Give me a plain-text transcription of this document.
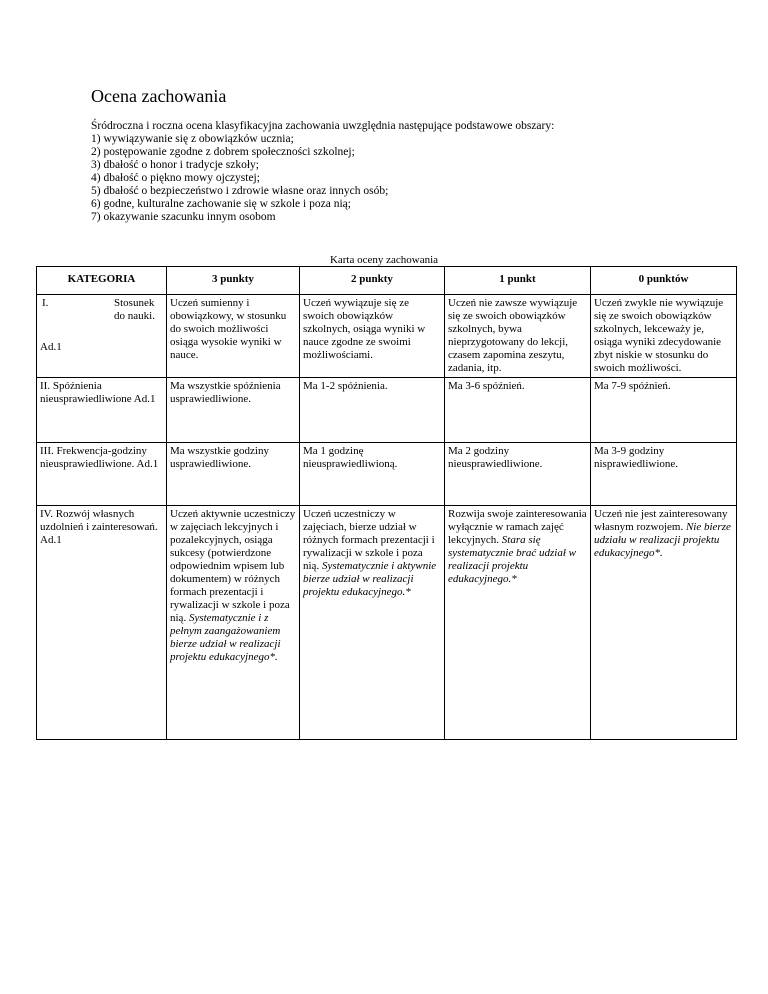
Ocena zachowania

Śródroczna i roczna ocena klasyfikacyjna zachowania uwzględnia następujące podstawowe obszary:

1) wywiązywanie się z obowiązków ucznia;
2) postępowanie zgodne z dobrem społeczności szkolnej;
3) dbałość o honor i tradycje szkoły;
4) dbałość o piękno mowy ojczystej;
5) dbałość o bezpieczeństwo i zdrowie własne oraz innych osób;
6) godne, kulturalne zachowanie się w szkole i poza nią;
7) okazywanie szacunku innym osobom
Karta oceny zachowania
KATEGORIA	3 punkty	2 punkty	1 punkt	0 punktów

I. Stosunek do nauki.
Ad.1	Uczeń sumienny i obowiązkowy, w stosunku do swoich możliwości osiąga wysokie wyniki w nauce.	Uczeń wywiązuje się ze swoich obowiązków szkolnych, osiąga wyniki w nauce zgodne ze swoimi możliwościami.	Uczeń nie zawsze wywiązuje się ze swoich obowiązków szkolnych, bywa nieprzygotowany do lekcji, czasem zapomina zeszytu, zadania, itp.	Uczeń zwykle nie wywiązuje się ze swoich obowiązków szkolnych, lekceważy je, osiąga wyniki zdecydowanie zbyt niskie w stosunku do swoich możliwości.
II. Spóźnienia nieusprawiedliwione Ad.1	Ma wszystkie spóźnienia usprawiedliwione.	Ma 1-2 spóźnienia.	Ma 3-6 spóźnień.	Ma 7-9 spóźnień.
III. Frekwencja-godziny nieusprawiedliwione. Ad.1	Ma wszystkie godziny usprawiedliwione.	Ma 1 godzinę nieusprawiedliwioną.	Ma 2 godziny nieusprawiedliwione.	Ma 3-9 godziny nisprawiedliwione.
IV. Rozwój własnych uzdolnień i zainteresowań. Ad.1	Uczeń aktywnie uczestniczy w zajęciach lekcyjnych i pozalekcyjnych, osiąga sukcesy (potwierdzone odpowiednim wpisem lub dokumentem) w różnych formach prezentacji i rywalizacji w szkole i poza nią. Systematycznie i z pełnym zaangażowaniem bierze udział w realizacji projektu edukacyjnego*.	Uczeń uczestniczy w zajęciach, bierze udział w różnych formach prezentacji i rywalizacji w szkole i poza nią. Systematycznie i aktywnie bierze udział w realizacji projektu edukacyjnego.*	Rozwija swoje zainteresowania wyłącznie w ramach zajęć lekcyjnych. Stara się systematycznie brać udział w realizacji projektu edukacyjnego.*	Uczeń nie jest zainteresowany własnym rozwojem. Nie bierze udziału w realizacji projektu edukacyjnego*.
